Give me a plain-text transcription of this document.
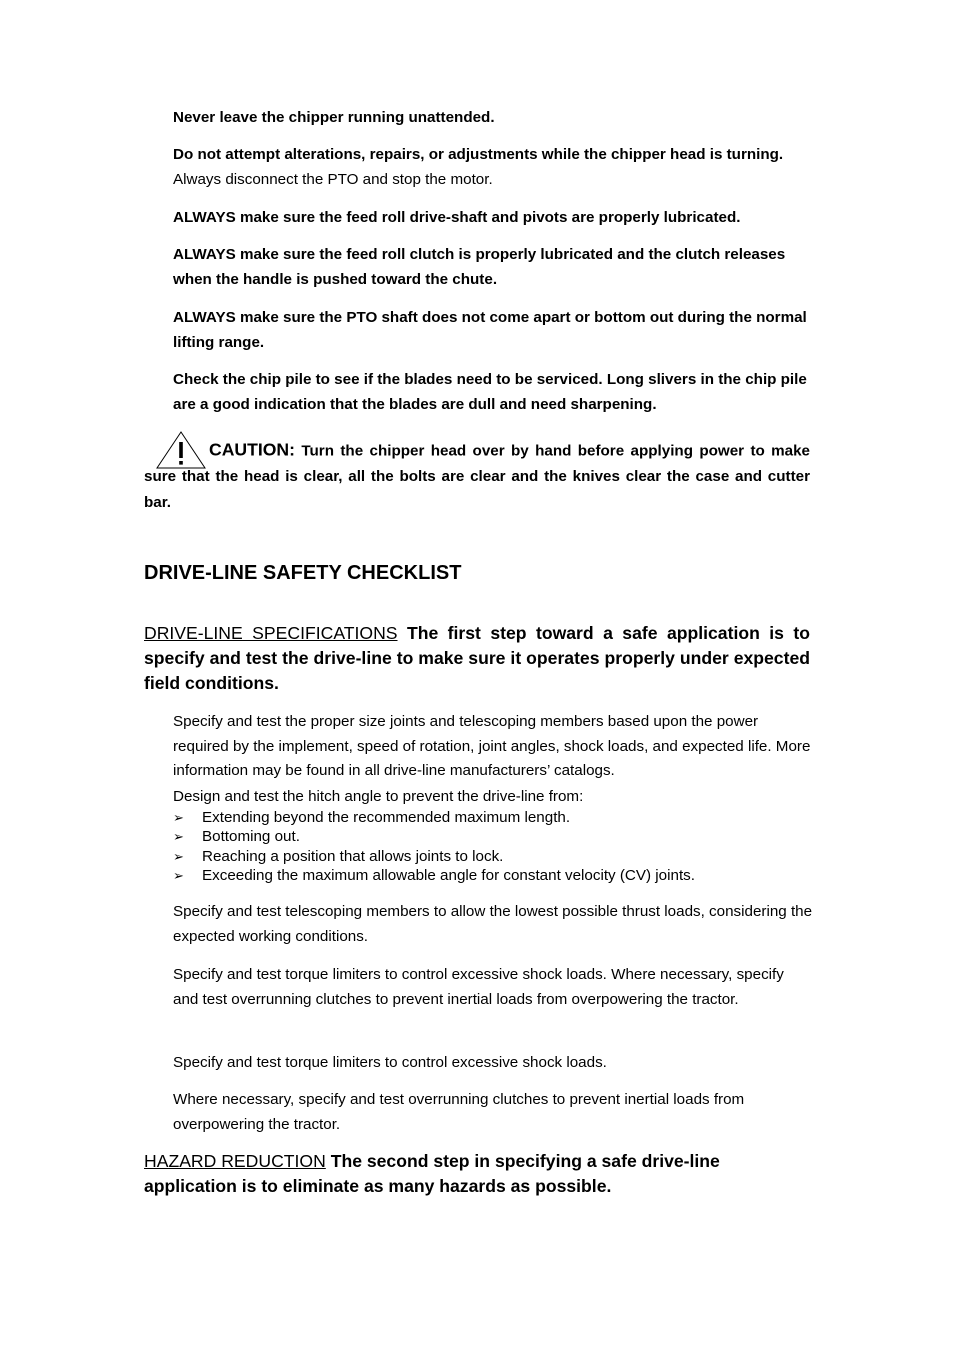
Never leave the chipper running unattended.
Do not attempt alterations, repairs, or adjustments while the chipper head is turning. Always disconnect the PTO and stop the motor.
ALWAYS make sure the feed roll drive-shaft and pivots are properly lubricated.
ALWAYS make sure the feed roll clutch is properly lubricated and the clutch releases when the handle is pushed toward the chute.
ALWAYS make sure the PTO shaft does not come apart or bottom out during the normal lifting range.
Check the chip pile to see if the blades need to be serviced. Long slivers in the chip pile are a good indication that the blades are dull and need sharpening.
CAUTION: Turn the chipper head over by hand before applying power to make sure that the head is clear, all the bolts are clear and the knives clear the case and cutter bar.
DRIVE-LINE SAFETY CHECKLIST
DRIVE-LINE SPECIFICATIONS The first step toward a safe application is to specify and test the drive-line to make sure it operates properly under expected field conditions.
Specify and test the proper size joints and telescoping members based upon the power required by the implement, speed of rotation, joint angles, shock loads, and expected life. More information may be found in all drive-line manufacturers’ catalogs.
Design and test the hitch angle to prevent the drive-line from:
➢ Extending beyond the recommended maximum length.
➢ Bottoming out.
➢ Reaching a position that allows joints to lock.
➢ Exceeding the maximum allowable angle for constant velocity (CV) joints.
Specify and test telescoping members to allow the lowest possible thrust loads, considering the expected working conditions.
Specify and test torque limiters to control excessive shock loads. Where necessary, specify and test overrunning clutches to prevent inertial loads from overpowering the tractor.
Specify and test torque limiters to control excessive shock loads.
Where necessary, specify and test overrunning clutches to prevent inertial loads from overpowering the tractor.
HAZARD REDUCTION The second step in specifying a safe drive-line application is to eliminate as many hazards as possible.
